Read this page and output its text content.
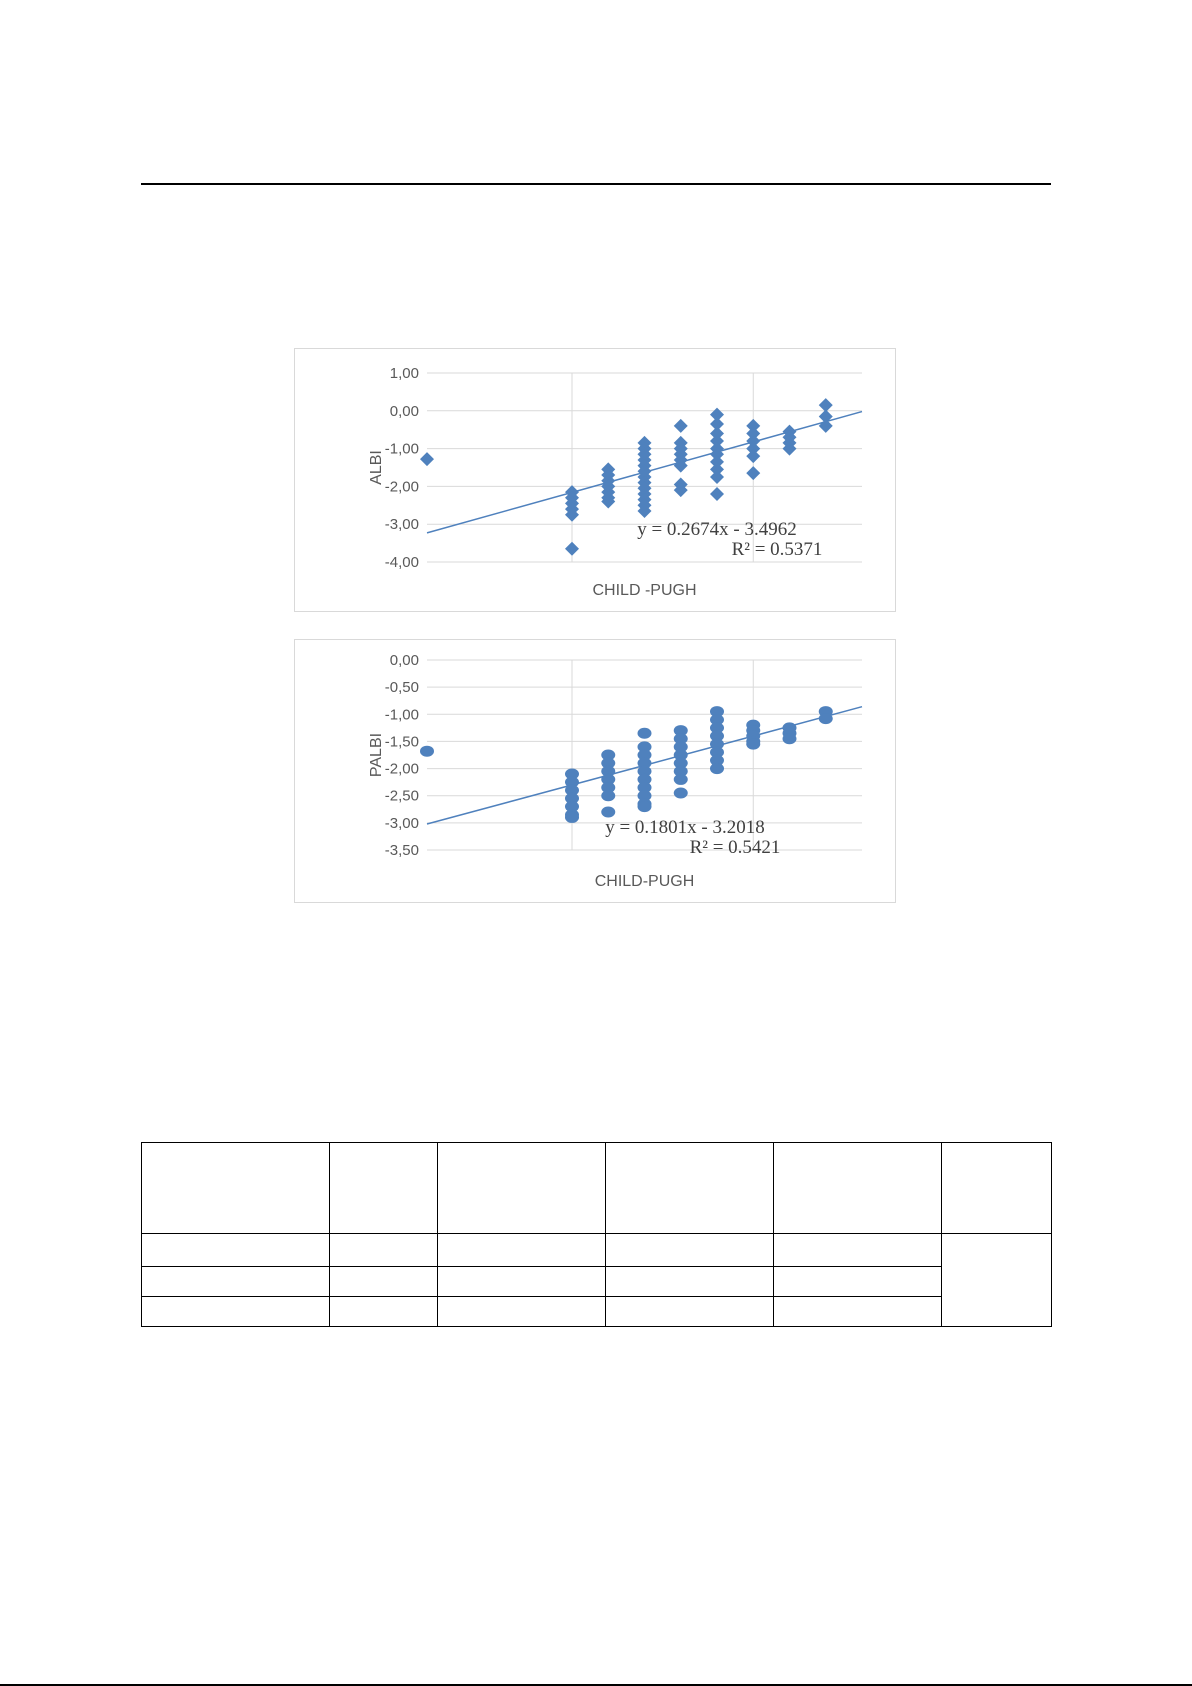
1,00
0,00
-1,00
-2,00
-3,00
-4,00
y = 0.2674x - 3.4962
R² = 0.5371
CHILD -PUGH
ALBI
0,00
-0,50
-1,00
-1,50
-2,00
-2,50
-3,00
-3,50
y = 0.1801x - 3.2018
R² = 0.5421
CHILD-PUGH
PALBI
